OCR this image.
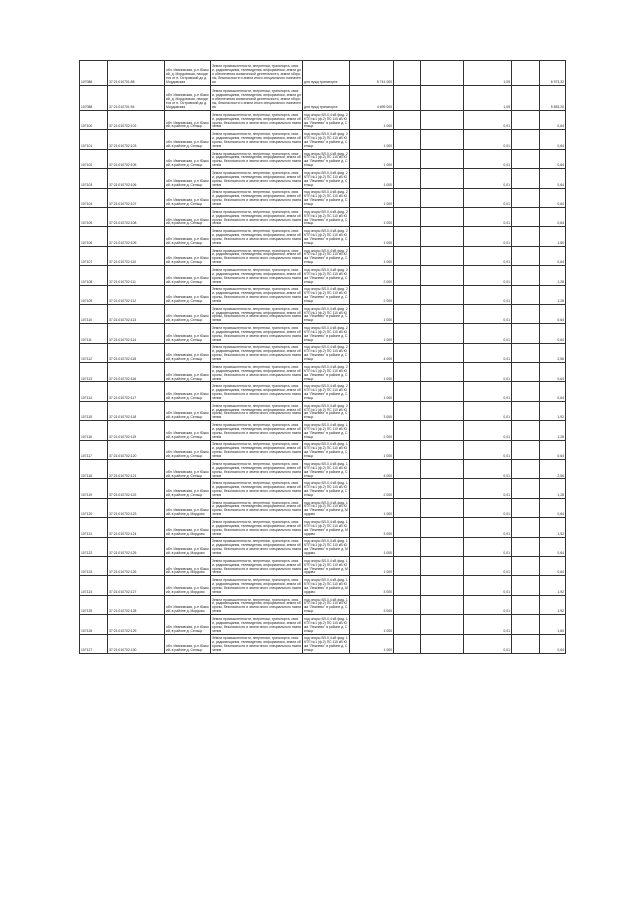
107086	37:21:010701:88	обл. Ивановская, р-н Южский, д. Мордовская, находится от п. Островский до д. Мордовская	Земли промышленности, энергетики, транспорта, связи, радиовещания, телевидения, информатики, земли для обеспечения космической деятельности, земли обороны, безопасности и земли иного специального назначения	для нужд транспорта	5 741 000			1,05		6 973,32
107088	37:21:010701:94	обл. Ивановская, р-н Южский, д. Мордовская, находится от п. Островский до д. Мордовская	Земли промышленности, энергетики, транспорта, связи, радиовещания, телевидения, информатики, земли для обеспечения космической деятельности, земли обороны, безопасности и земли иного специального назначения	для нужд транспорта	4 699 000			1,05		5 553,20
107100	37:21:010702:102	обл. Ивановская, р-н Южский, в районе д. Сельцо	Земли промышленности, энергетики, транспорта, связи, радиовещания, телевидения, информатики, земли обороны, безопасности и земли иного специального назначения	под опоры ВЛ-0,4 кВ фид. 2 КТП №1 (ф.2) ПС 110 кВ Южа "Лежнево" в районе д. Сельцо	1 000			0,01		0,64
107101	37:21:010702:103	обл. Ивановская, р-н Южский, в районе д. Сельцо	Земли промышленности, энергетики, транспорта, связи, радиовещания, телевидения, информатики, земли обороны, безопасности и земли иного специального назначения	под опоры ВЛ-0,4 кВ фид. 2 КТП №1 (ф.2) ПС 110 кВ Южа "Лежнево" в районе д. Сельцо	1 000			0,01		0,64
107102	37:21:010702:105	обл. Ивановская, р-н Южский, в районе д. Сельцо	Земли промышленности, энергетики, транспорта, связи, радиовещания, телевидения, информатики, земли обороны, безопасности и земли иного специального назначения	под опоры ВЛ-0,4 кВ фид. 2 КТП №1 (ф.2) ПС 110 кВ Южа "Лежнево" в районе д. Сельцо	1 000			0,01		0,64
107103	37:21:010702:106	обл. Ивановская, р-н Южский, в районе д. Сельцо	Земли промышленности, энергетики, транспорта, связи, радиовещания, телевидения, информатики, земли обороны, безопасности и земли иного специального назначения	под опоры ВЛ-0,4 кВ фид. 2 КТП №1 (ф.2) ПС 110 кВ Южа "Лежнево" в районе д. Сельцо	1 000			0,01		0,64
107104	37:21:010702:107	обл. Ивановская, р-н Южский, в районе д. Сельцо	Земли промышленности, энергетики, транспорта, связи, радиовещания, телевидения, информатики, земли обороны, безопасности и земли иного специального назначения	под опоры ВЛ-0,4 кВ фид. 2 КТП №1 (ф.2) ПС 110 кВ Южа "Лежнево" в районе д. Сельцо	1 000			0,01		0,64
107105	37:21:010702:108	обл. Ивановская, р-н Южский, в районе д. Сельцо	Земли промышленности, энергетики, транспорта, связи, радиовещания, телевидения, информатики, земли обороны, безопасности и земли иного специального назначения	под опоры ВЛ-0,4 кВ фид. 2 КТП №1 (ф.2) ПС 110 кВ Южа "Лежнево" в районе д. Сельцо	1 000			0,01		0,64
107106	37:21:010702:109	обл. Ивановская, р-н Южский, в районе д. Сельцо	Земли промышленности, энергетики, транспорта, связи, радиовещания, телевидения, информатики, земли обороны, безопасности и земли иного специального назначения	под опоры ВЛ-0,4 кВ фид. 2 КТП №1 (ф.2) ПС 110 кВ Южа "Лежнево" в районе д. Сельцо	1 000			0,01		1,60
107107	37:21:010702:110	обл. Ивановская, р-н Южский, в районе д. Сельцо	Земли промышленности, энергетики, транспорта, связи, радиовещания, телевидения, информатики, земли обороны, безопасности и земли иного специального назначения	под опоры ВЛ-0,4 кВ фид. 2 КТП №1 (ф.2) ПС 110 кВ Южа "Лежнево" в районе д. Сельцо	1 000			0,01		0,64
107108	37:21:010702:111	обл. Ивановская, р-н Южский, в районе д. Сельцо	Земли промышленности, энергетики, транспорта, связи, радиовещания, телевидения, информатики, земли обороны, безопасности и земли иного специального назначения	под опоры ВЛ-0,4 кВ фид. 2 КТП №1 (ф.2) ПС 110 кВ Южа "Лежнево" в районе д. Сельцо	2 000			0,01		1,28
107109	37:21:010702:112	обл. Ивановская, р-н Южский, в районе д. Сельцо	Земли промышленности, энергетики, транспорта, связи, радиовещания, телевидения, информатики, земли обороны, безопасности и земли иного специального назначения	под опоры ВЛ-0,4 кВ фид. 2 КТП №1 (ф.2) ПС 110 кВ Южа "Лежнево" в районе д. Сельцо	2 000			0,01		1,28
107110	37:21:010702:113	обл. Ивановская, р-н Южский, в районе д. Сельцо	Земли промышленности, энергетики, транспорта, связи, радиовещания, телевидения, информатики, земли обороны, безопасности и земли иного специального назначения	под опоры ВЛ-0,4 кВ фид. 2 КТП №1 (ф.2) ПС 110 кВ Южа "Лежнево" в районе д. Сельцо	1 000			0,01		0,64
107111	37:21:010702:114	обл. Ивановская, р-н Южский, в районе д. Сельцо	Земли промышленности, энергетики, транспорта, связи, радиовещания, телевидения, информатики, земли обороны, безопасности и земли иного специального назначения	под опоры ВЛ-0,4 кВ фид. 2 КТП №1 (ф.2) ПС 110 кВ Южа "Лежнево" в районе д. Сельцо	1 000			0,01		0,64
107112	37:21:010702:115	обл. Ивановская, р-н Южский, в районе д. Сельцо	Земли промышленности, энергетики, транспорта, связи, радиовещания, телевидения, информатики, земли обороны, безопасности и земли иного специального назначения	под опоры ВЛ-0,4 кВ фид. 2 КТП №1 (ф.2) ПС 110 кВ Южа "Лежнево" в районе д. Сельцо	4 000			0,01		2,56
107113	37:21:010702:116	обл. Ивановская, р-н Южский, в районе д. Сельцо	Земли промышленности, энергетики, транспорта, связи, радиовещания, телевидения, информатики, земли обороны, безопасности и земли иного специального назначения	под опоры ВЛ-0,4 кВ фид. 2 КТП №1 (ф.2) ПС 110 кВ Южа "Лежнево" в районе д. Сельцо	1 000			0,01		0,64
107114	37:21:010702:117	обл. Ивановская, р-н Южский, в районе д. Сельцо	Земли промышленности, энергетики, транспорта, связи, радиовещания, телевидения, информатики, земли обороны, безопасности и земли иного специального назначения	под опоры ВЛ-0,4 кВ фид. 2 КТП №1 (ф.2) ПС 110 кВ Южа "Лежнево" в районе д. Сельцо	1 000			0,01		0,64
107115	37:21:010702:118	обл. Ивановская, р-н Южский, в районе д. Сельцо	Земли промышленности, энергетики, транспорта, связи, радиовещания, телевидения, информатики, земли обороны, безопасности и земли иного специального назначения	под опоры ВЛ-0,4 кВ фид. 2 КТП №1 (ф.2) ПС 110 кВ Южа "Лежнево" в районе д. Сельцо	3 000			0,01		1,92
107116	37:21:010702:119	обл. Ивановская, р-н Южский, в районе д. Сельцо	Земли промышленности, энергетики, транспорта, связи, радиовещания, телевидения, информатики, земли обороны, безопасности и земли иного специального назначения	под опоры ВЛ-0,4 кВ фид. 1 КТП №1 (ф.2) ПС 110 кВ Южа "Лежнево" в районе д. Сельцо	2 000			0,01		1,28
107117	37:21:010702:120	обл. Ивановская, р-н Южский, в районе д. Сельцо	Земли промышленности, энергетики, транспорта, связи, радиовещания, телевидения, информатики, земли обороны, безопасности и земли иного специального назначения	под опоры ВЛ-0,4 кВ фид. 1 КТП №1 (ф.2) ПС 110 кВ Южа "Лежнево" в районе д. Сельцо	1 000			0,01		0,64
107118	37:21:010702:121	обл. Ивановская, р-н Южский, в районе д. Сельцо	Земли промышленности, энергетики, транспорта, связи, радиовещания, телевидения, информатики, земли обороны, безопасности и земли иного специального назначения	под опоры ВЛ-0,4 кВ фид. 1 КТП №1 (ф.2) ПС 110 кВ Южа "Лежнево" в районе д. Сельцо	4 000			0,01		2,56
107119	37:21:010702:122	обл. Ивановская, р-н Южский, в районе д. Сельцо	Земли промышленности, энергетики, транспорта, связи, радиовещания, телевидения, информатики, земли обороны, безопасности и земли иного специального назначения	под опоры ВЛ-0,4 кВ фид. 1 КТП №1 (ф.2) ПС 110 кВ Южа "Лежнево" в районе д. Сельцо	2 000			0,01		1,28
107120	37:21:010702:123	обл. Ивановская, р-н Южский, в районе д. Мордово	Земли промышленности, энергетики, транспорта, связи, радиовещания, телевидения, информатики, земли обороны, безопасности и земли иного специального назначения	под опоры ВЛ-0,4 кВ фид. 1 КТП №1 (ф.2) ПС 110 кВ Южа "Лежнево" в районе д. Мордово	1 000			0,01		0,64
107121	37:21:010702:124	обл. Ивановская, р-н Южский, в районе д. Мордово	Земли промышленности, энергетики, транспорта, связи, радиовещания, телевидения, информатики, земли обороны, безопасности и земли иного специального назначения	под опоры ВЛ-0,4 кВ фид. 1 КТП №1 (ф.2) ПС 110 кВ Южа "Лежнево" в районе д. Мордово	3 000			0,01		1,92
107122	37:21:010702:125	обл. Ивановская, р-н Южский, в районе д. Мордово	Земли промышленности, энергетики, транспорта, связи, радиовещания, телевидения, информатики, земли обороны, безопасности и земли иного специального назначения	под опоры ВЛ-0,4 кВ фид. 1 КТП №1 (ф.2) ПС 110 кВ Южа "Лежнево" в районе д. Мордово	1 000			0,01		0,64
107123	37:21:010702:126	обл. Ивановская, р-н Южский, в районе д. Мордово	Земли промышленности, энергетики, транспорта, связи, радиовещания, телевидения, информатики, земли обороны, безопасности и земли иного специального назначения	под опоры ВЛ-0,4 кВ фид. 1 КТП №1 (ф.2) ПС 110 кВ Южа "Лежнево" в районе д. Мордово	1 000			0,01		0,64
107124	37:21:010702:127	обл. Ивановская, р-н Южский, в районе д. Мордово	Земли промышленности, энергетики, транспорта, связи, радиовещания, телевидения, информатики, земли обороны, безопасности и земли иного специального назначения	под опоры ВЛ-0,4 кВ фид. 1 КТП №1 (ф.2) ПС 110 кВ Южа "Лежнево" в районе д. Мордово	3 000			0,01		1,92
107125	37:21:010702:128	обл. Ивановская, р-н Южский, в районе д. Мордово	Земли промышленности, энергетики, транспорта, связи, радиовещания, телевидения, информатики, земли обороны, безопасности и земли иного специального назначения	под опоры ВЛ-0,4 кВ фид. 1 КТП №1 (ф.2) ПС 110 кВ Южа "Лежнево" в районе д. Сельцо	3 000			0,01		1,92
107126	37:21:010702:129	обл. Ивановская, р-н Южский, в районе д. Сельцо	Земли промышленности, энергетики, транспорта, связи, радиовещания, телевидения, информатики, земли обороны, безопасности и земли иного специального назначения	под опоры ВЛ-0,4 кВ фид. 1 КТП №1 (ф.2) ПС 110 кВ Южа "Лежнево" в районе д. Сельцо	1 000			0,01		1,60
107127	37:21:010702:130	обл. Ивановская, р-н Южский, в районе д. Сельцо	Земли промышленности, энергетики, транспорта, связи, радиовещания, телевидения, информатики, земли обороны, безопасности и земли иного специального назначения	под опоры ВЛ-0,4 кВ фид. 1 КТП №1 (ф.2) ПС 110 кВ Южа "Лежнево" в районе д. Сельцо	1 000			0,01		0,64
